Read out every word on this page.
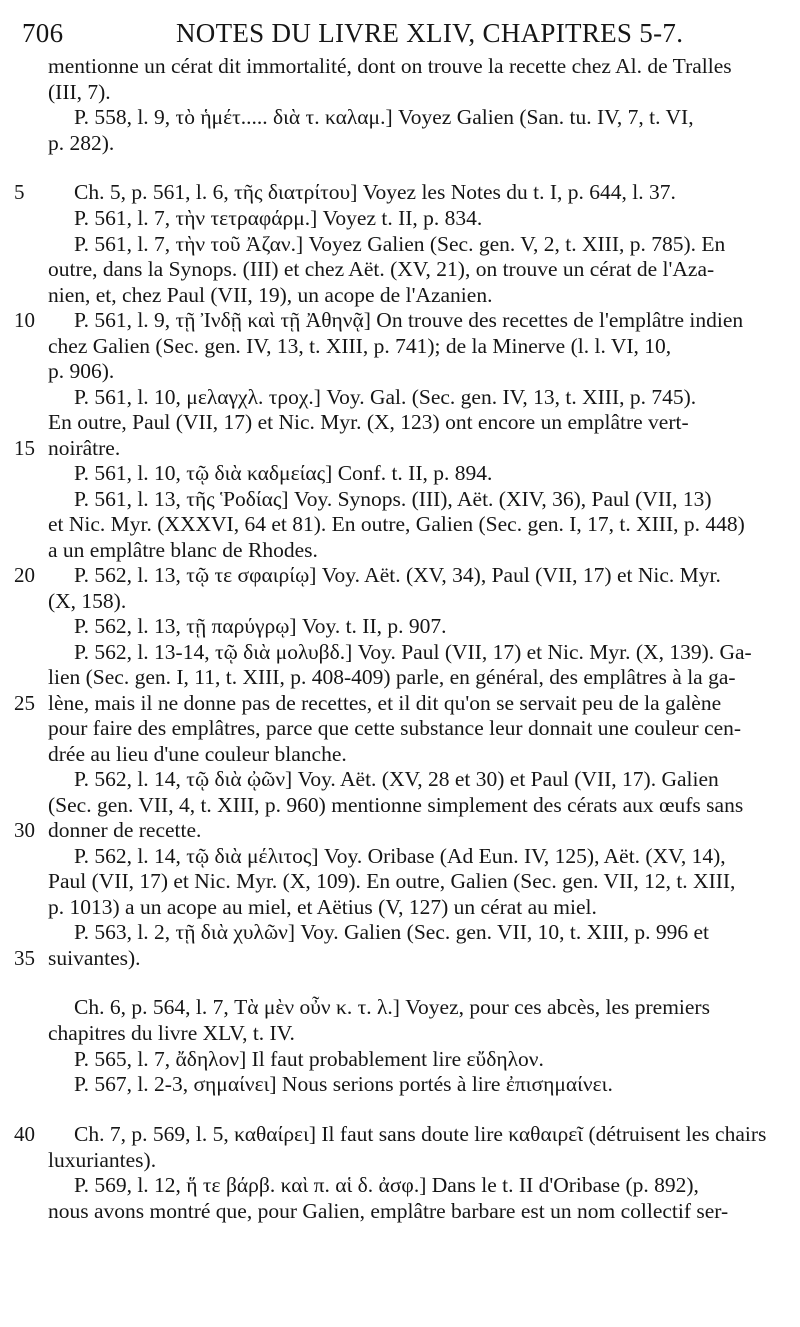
706	NOTES DU LIVRE XLIV, CHAPITRES 5-7.
mentionne un cérat dit immortalité, dont on trouve la recette chez Al. de Tralles
(III, 7).
P. 558, l. 9, τὸ ἡμέτ..... διὰ τ. καλαμ.] Voyez Galien (San. tu. IV, 7, t. VI,
p. 282).
5 Ch. 5, p. 561, l. 6, τῆς διατρίτου] Voyez les Notes du t. I, p. 644, l. 37.
P. 561, l. 7, τὴν τετραφάρμ.] Voyez t. II, p. 834.
P. 561, l. 7, τὴν τοῦ Ἀζαν.] Voyez Galien (Sec. gen. V, 2, t. XIII, p. 785). En
outre, dans la Synops. (III) et chez Aët. (XV, 21), on trouve un cérat de l'Aza-
nien, et, chez Paul (VII, 19), un acope de l'Azanien.
10 P. 561, l. 9, τῇ Ἰνδῇ καὶ τῇ Ἀθηνᾷ] On trouve des recettes de l'emplâtre indien
chez Galien (Sec. gen. IV, 13, t. XIII, p. 741); de la Minerve (l. l. VI, 10,
p. 906).
P. 561, l. 10, μελαγχλ. τροχ.] Voy. Gal. (Sec. gen. IV, 13, t. XIII, p. 745).
En outre, Paul (VII, 17) et Nic. Myr. (X, 123) ont encore un emplâtre vert-
15 noirâtre.
P. 561, l. 10, τῷ διὰ καδμείας] Conf. t. II, p. 894.
P. 561, l. 13, τῆς Ῥοδίας] Voy. Synops. (III), Aët. (XIV, 36), Paul (VII, 13)
et Nic. Myr. (XXXVI, 64 et 81). En outre, Galien (Sec. gen. I, 17, t. XIII, p. 448)
a un emplâtre blanc de Rhodes.
20 P. 562, l. 13, τῷ τε σφαιρίῳ] Voy. Aët. (XV, 34), Paul (VII, 17) et Nic. Myr.
(X, 158).
P. 562, l. 13, τῇ παρύγρῳ] Voy. t. II, p. 907.
P. 562, l. 13-14, τῷ διὰ μολυβδ.] Voy. Paul (VII, 17) et Nic. Myr. (X, 139). Ga-
lien (Sec. gen. I, 11, t. XIII, p. 408-409) parle, en général, des emplâtres à la ga-
25 lène, mais il ne donne pas de recettes, et il dit qu'on se servait peu de la galène
pour faire des emplâtres, parce que cette substance leur donnait une couleur cen-
drée au lieu d'une couleur blanche.
P. 562, l. 14, τῷ διὰ ᾠῶν] Voy. Aët. (XV, 28 et 30) et Paul (VII, 17). Galien
(Sec. gen. VII, 4, t. XIII, p. 960) mentionne simplement des cérats aux œufs sans
30 donner de recette.
P. 562, l. 14, τῷ διὰ μέλιτος] Voy. Oribase (Ad Eun. IV, 125), Aët. (XV, 14),
Paul (VII, 17) et Nic. Myr. (X, 109). En outre, Galien (Sec. gen. VII, 12, t. XIII,
p. 1013) a un acope au miel, et Aëtius (V, 127) un cérat au miel.
P. 563, l. 2, τῇ διὰ χυλῶν] Voy. Galien (Sec. gen. VII, 10, t. XIII, p. 996 et
35 suivantes).
Ch. 6, p. 564, l. 7, Τὰ μὲν οὖν κ. τ. λ.] Voyez, pour ces abcès, les premiers
chapitres du livre XLV, t. IV.
P. 565, l. 7, ἄδηλον] Il faut probablement lire εὔδηλον.
P. 567, l. 2-3, σημαίνει] Nous serions portés à lire ἐπισημαίνει.
40 Ch. 7, p. 569, l. 5, καθαίρει] Il faut sans doute lire καθαιρεῖ (détruisent les chairs
luxuriantes).
P. 569, l. 12, ἥ τε βάρβ. καὶ π. αἱ δ. ἀσφ.] Dans le t. II d'Oribase (p. 892),
nous avons montré que, pour Galien, emplâtre barbare est un nom collectif ser-
